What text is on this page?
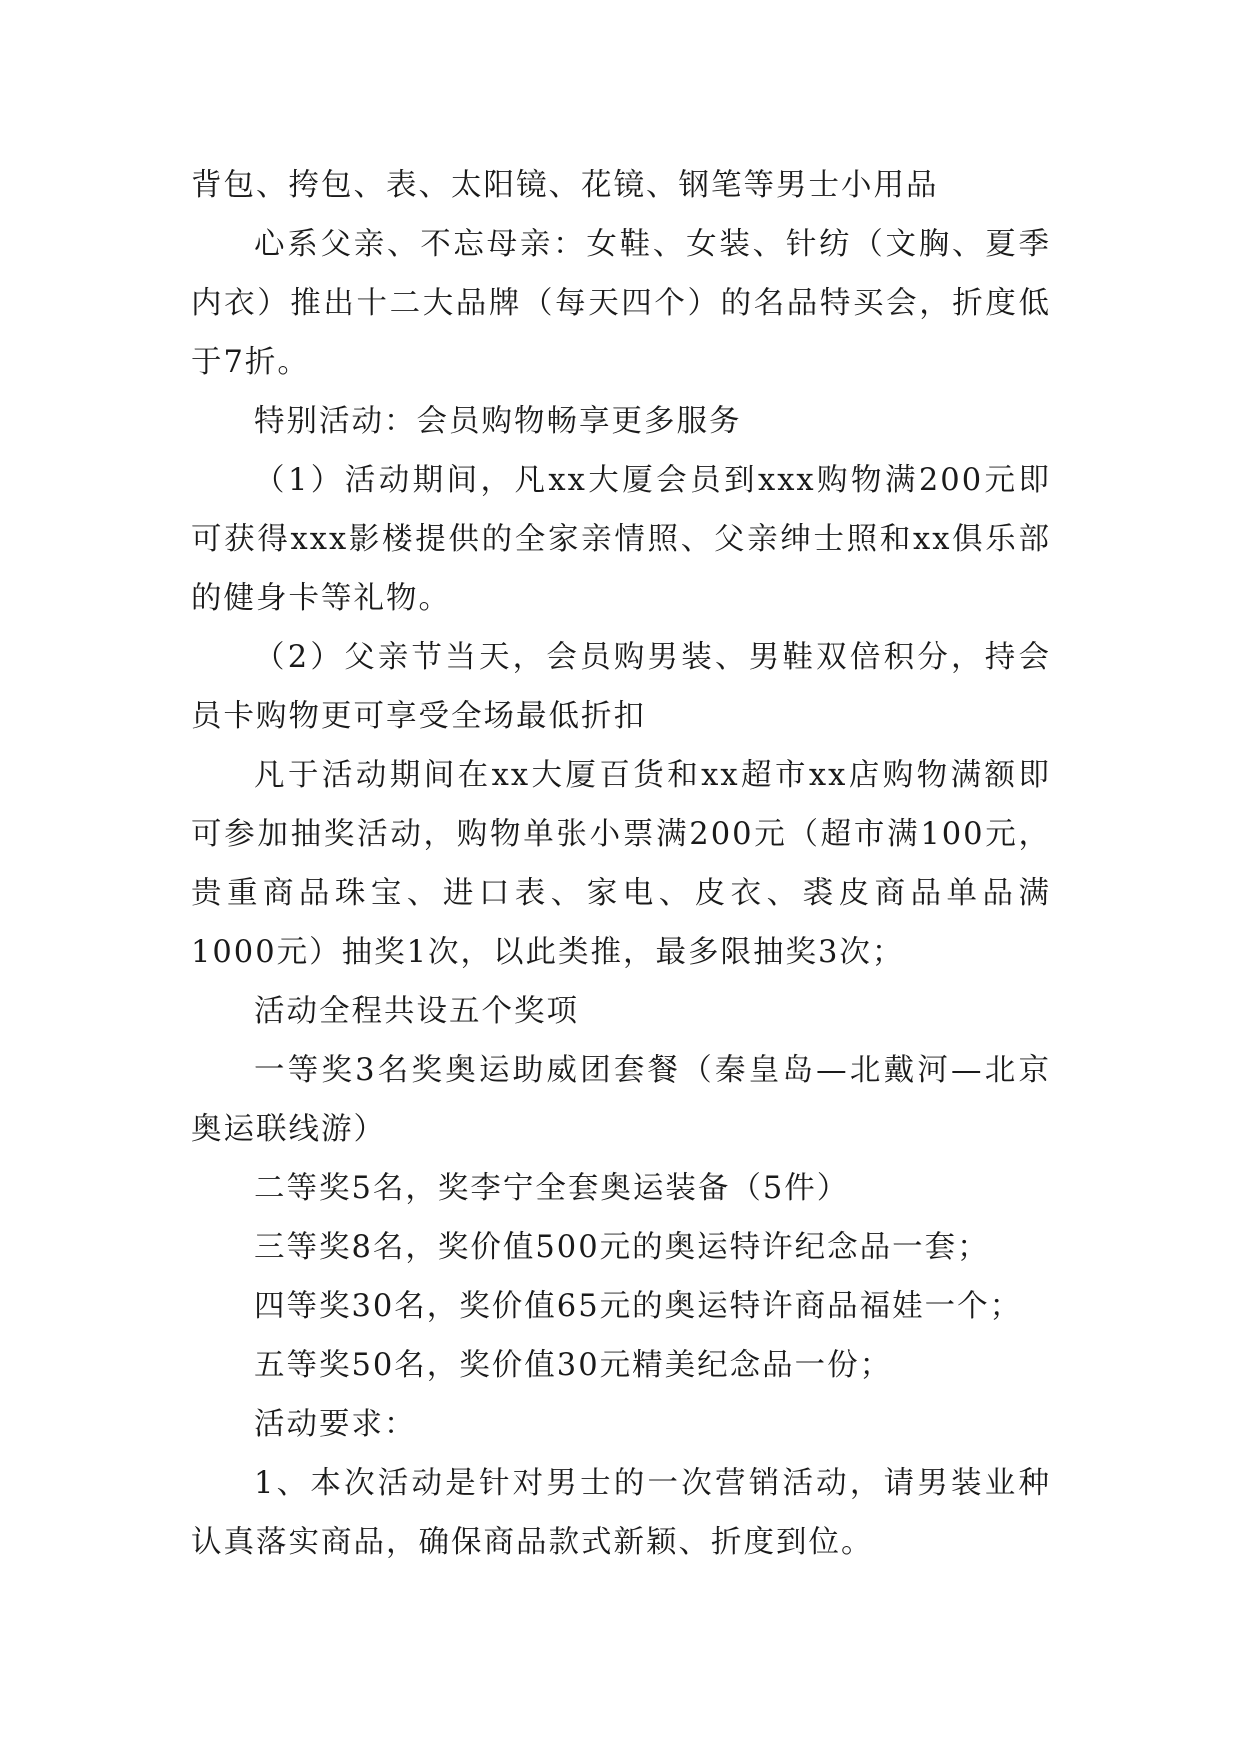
背包、挎包、表、太阳镜、花镜、钢笔等男士小用品

心系父亲、不忘母亲：女鞋、女装、针纺（文胸、夏季内衣）推出十二大品牌（每天四个）的名品特买会，折度低于7折。

特别活动：会员购物畅享更多服务

（1）活动期间，凡xx大厦会员到xxx购物满200元即可获得xxx影楼提供的全家亲情照、父亲绅士照和xx俱乐部的健身卡等礼物。

（2）父亲节当天，会员购男装、男鞋双倍积分，持会员卡购物更可享受全场最低折扣

凡于活动期间在xx大厦百货和xx超市xx店购物满额即可参加抽奖活动，购物单张小票满200元（超市满100元，贵重商品珠宝、进口表、家电、皮衣、裘皮商品单品满1000元）抽奖1次，以此类推，最多限抽奖3次；

活动全程共设五个奖项

一等奖3名奖奥运助威团套餐（秦皇岛—北戴河—北京奥运联线游）

二等奖5名，奖李宁全套奥运装备（5件）

三等奖8名，奖价值500元的奥运特许纪念品一套；

四等奖30名，奖价值65元的奥运特许商品福娃一个；

五等奖50名，奖价值30元精美纪念品一份；

活动要求：

1、本次活动是针对男士的一次营销活动，请男装业种认真落实商品，确保商品款式新颖、折度到位。
